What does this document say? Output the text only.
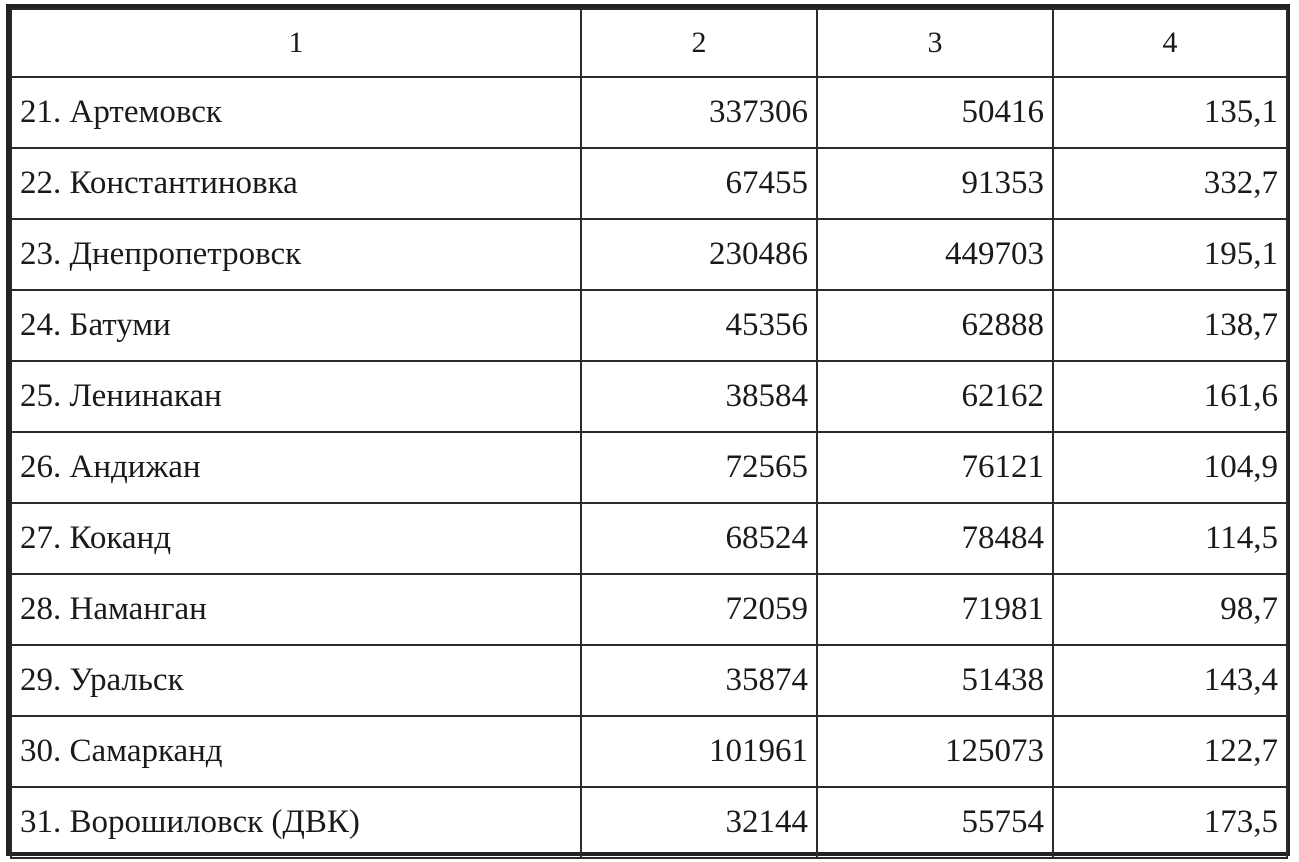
1	2	3	4
21. Артемовск	337306	50416	135,1
22. Константиновка	67455	91353	332,7
23. Днепропетровск	230486	449703	195,1
24. Батуми	45356	62888	138,7
25. Ленинакан	38584	62162	161,6
26. Андижан	72565	76121	104,9
27. Коканд	68524	78484	114,5
28. Наманган	72059	71981	98,7
29. Уральск	35874	51438	143,4
30. Самарканд	101961	125073	122,7
31. Ворошиловск (ДВК)	32144	55754	173,5
